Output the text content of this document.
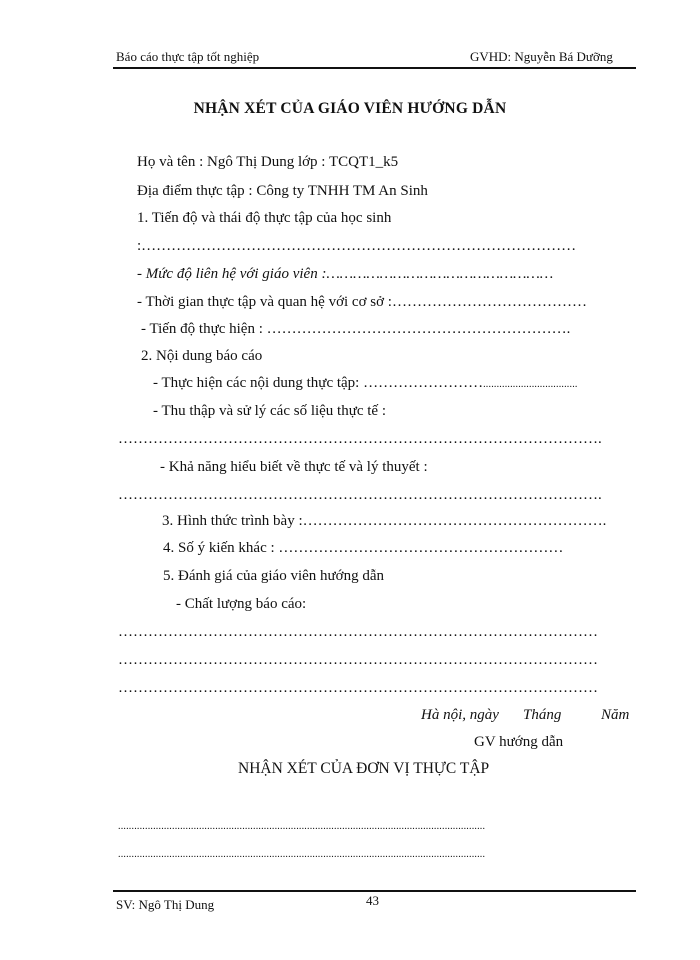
Báo cáo thực tập tốt nghiệp	GVHD: Nguyễn Bá Dưỡng
NHẬN XÉT CỦA GIÁO VIÊN HƯỚNG DẪN
Họ và tên : Ngô Thị Dung lớp : TCQT1_k5
Địa điểm thực tập : Công ty TNHH TM An Sinh
1. Tiến độ và thái độ thực tập của học sinh
:……………………………………………………………………………
- Mức độ liên hệ với giáo viên :……………………………………………
- Thời gian thực tập và quan hệ với cơ sở :…………………………………
- Tiến độ thực hiện : …………………………………………………….
2. Nội dung báo cáo
- Thực hiện các nội dung thực tập: ……………………...................................
- Thu thập và sử lý các số liệu thực tế :
…………………………………………………………………………………….
- Khả năng hiểu biết về thực tế và lý thuyết :
…………………………………………………………………………………….
3. Hình thức trình bày :…………………………………………………….
4. Số ý kiến khác : …………………………………………………
5. Đánh giá của giáo viên hướng dẫn
- Chất lượng báo cáo:
……………………………………………………………………………………
……………………………………………………………………………………
……………………………………………………………………………………
Hà nội, ngày Tháng	Năm
GV hướng dẫn
NHẬN XÉT CỦA ĐƠN VỊ THỰC TẬP
........................................................................................................................................
........................................................................................................................................
SV: Ngô Thị Dung	43
